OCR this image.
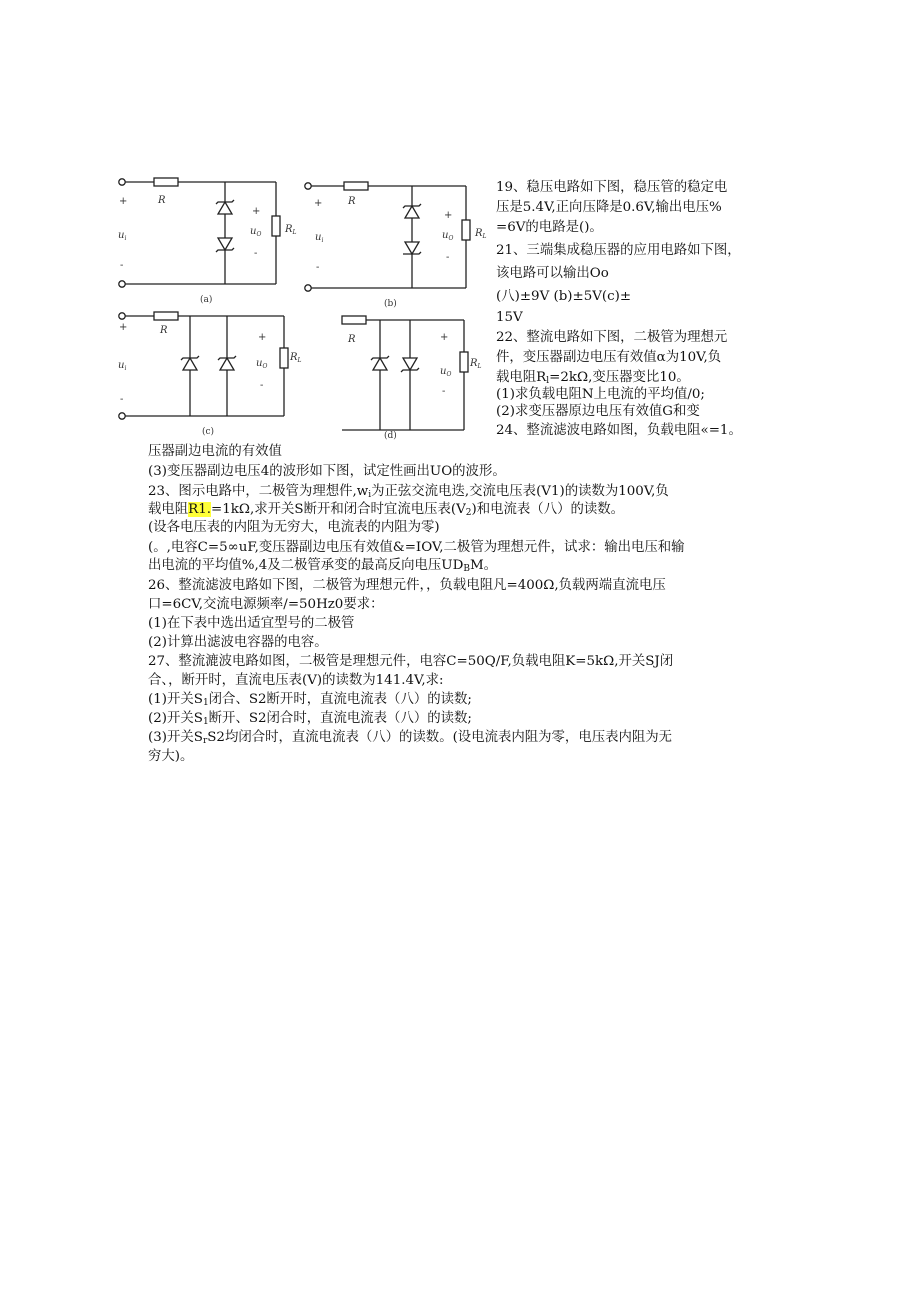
R
+
$u_i$
-
+
$u_O$
-
$R_L$
(a)
R
+
$u_i$
-
+
$u_O$
-
$R_L$
(b)
R
+
$u_i$
-
+
$u_O$
-
$R_L$
(c)
R	+
$u_O$
-
$R_L$
(d)
19、稳压电路如下图，稳压管的稳定电
压是5.4V,正向压降是0.6V,输出电压%
=6V的电路是()。
21、三端集成稳压器的应用电路如下图，
该电路可以输出Oo
(八)±9V (b)±5V(c)±
15V
22、整流电路如下图，二极管为理想元
件，变压器副边电压有效值α为10V,负
载电阻$R_l=2k\Omega$,变压器变比10。
(1)求负载电阻N上电流的平均值/0;
(2)求变压器原边电压有效值G和变
24、整流滤波电路如图，负载电阻«=1。
压器副边电流的有效值
(3)变压器副边电压4的波形如下图，试定性画出UO的波形。
23、图示电路中，二极管为理想件$,w_i$为正弦交流电迭,交流电压表(V1)的读数为100V,负
载电阻R1.=1kΩ,求开关S断开和闭合时宜流电压表$(V_2)$和电流表（八）的读数。
(设各电压表的内阻为无穷大，电流表的内阻为零)
(。,电容C=5∞uF,变压器副边电压有效值&=IOV,二极管为理想元件，试求：输出电压和输
出电流的平均值%,4及二极管承变的最高反向电压$UD_BM$。
26、整流滤波电路如下图，二极管为理想元件，，负载电阻凡=400Ω,负载两端直流电压
口=6CV,交流电源频率/=50Hz0要求：
(1)在下表中选出适宜型号的二极管
(2)计算出滤波电容器的电容。
27、整流漉波电路如图，二极管是理想元件，电容C=50Q/F,负载电阻K=5kΩ,开关SJ闭
合、，断开时，直流电压表(V)的读数为141.4V,求:
(1)开关$S_1$闭合、S2断开时，直流电流表（八）的读数;
(2)开关$S_1$断开、S2闭合时，直流电流表（八）的读数;
(3)开关$S_rS2$均闭合时，直流电流表（八）的读数。(设电流表内阻为零，电压表内阻为无
穷大)。
